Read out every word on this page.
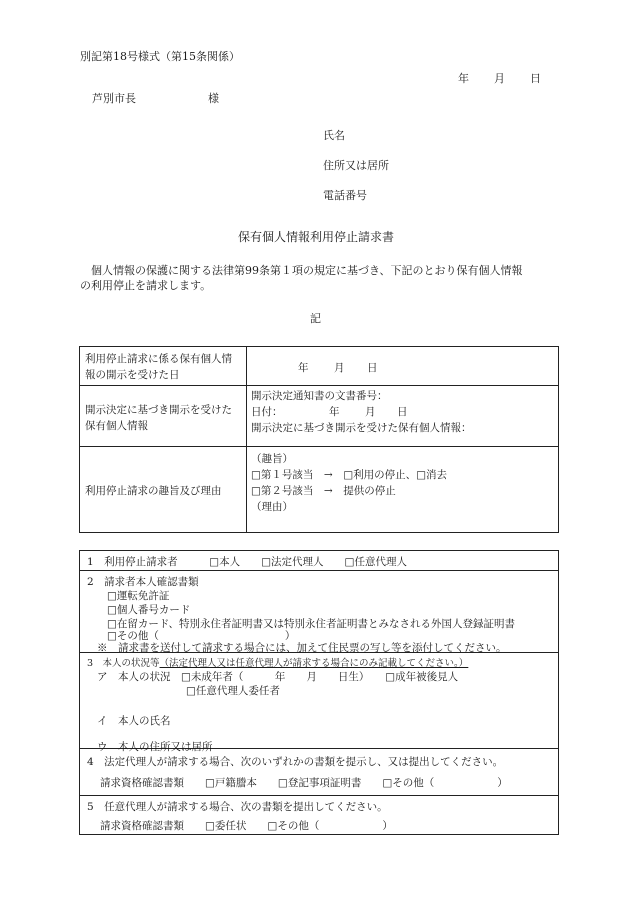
別記第18号様式（第15条関係）
年 月 日
芦別市長	様
氏名
住所又は居所
電話番号
保有個人情報利用停止請求書
個人情報の保護に関する法律第99条第１項の規定に基づき、下記のとおり保有個人情報
の利用停止を請求します。
記
利用停止請求に係る保有個人情
報の開示を受けた日
年 月 日
開示決定に基づき開示を受けた
保有個人情報
開示決定通知書の文書番号：
日付：	年 月 日
開示決定に基づき開示を受けた保有個人情報：
利用停止請求の趣旨及び理由
（趣旨）
□第１号該当　→　□利用の停止、□消去
□第２号該当　→　提供の停止
（理由）
1　利用停止請求者　　　□本人　　□法定代理人　　□任意代理人
2　請求者本人確認書類
□運転免許証
□個人番号カード
□在留カード、特別永住者証明書又は特別永住者証明書とみなされる外国人登録証明書
□その他（　　　　　　　　　　　　）
※　請求書を送付して請求する場合には、加えて住民票の写し等を添付してください。
3　本人の状況等（法定代理人又は任意代理人が請求する場合にのみ記載してください。）
ア　本人の状況　□未成年者（　　　年　　月　　日生）　　□成年被後見人
□任意代理人委任者
イ　本人の氏名
ウ　本人の住所又は居所
4　法定代理人が請求する場合、次のいずれかの書類を提示し、又は提出してください。
請求資格確認書類　　□戸籍謄本　　□登記事項証明書　　□その他（　　　　　　）
5　任意代理人が請求する場合、次の書類を提出してください。
請求資格確認書類　　□委任状　　□その他（　　　　　　）
